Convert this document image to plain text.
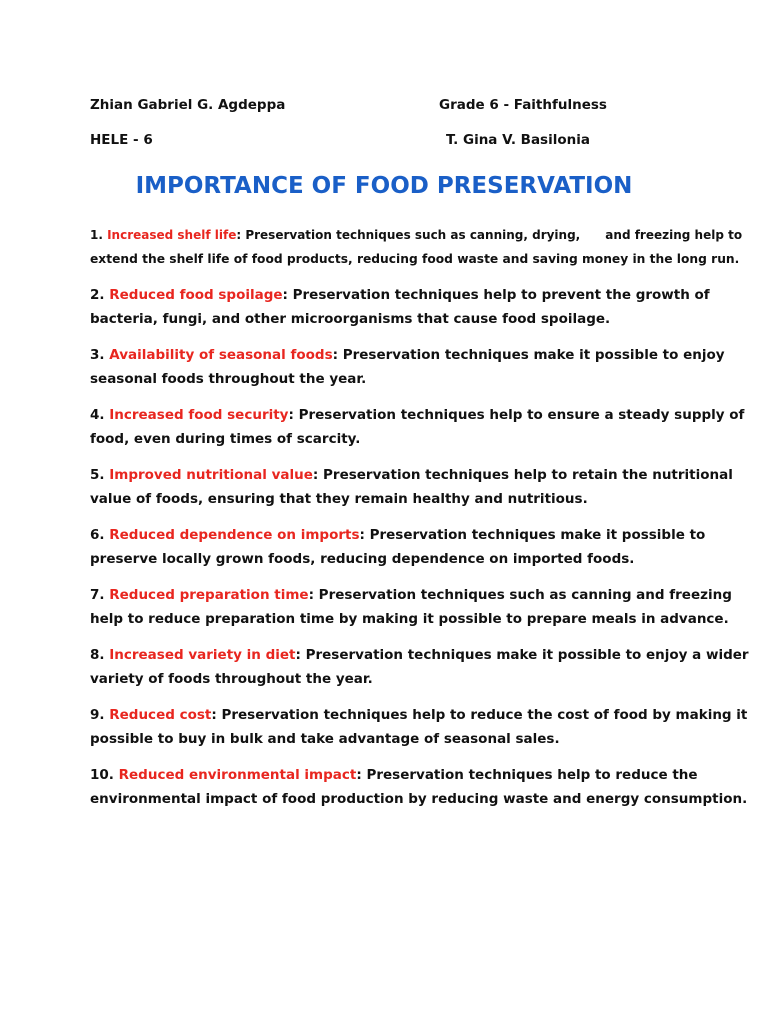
Zhian Gabriel G. Agdeppa	Grade 6 - Faithfulness
HELE - 6	T. Gina V. Basilonia
IMPORTANCE OF FOOD PRESERVATION
1. Increased shelf life: Preservation techniques such as canning, drying,      and freezing help to
extend the shelf life of food products, reducing food waste and saving money in the long run.
2. Reduced food spoilage: Preservation techniques help to prevent the growth of
bacteria, fungi, and other microorganisms that cause food spoilage.
3. Availability of seasonal foods: Preservation techniques make it possible to enjoy
seasonal foods throughout the year.
4. Increased food security: Preservation techniques help to ensure a steady supply of
food, even during times of scarcity.
5. Improved nutritional value: Preservation techniques help to retain the nutritional
value of foods, ensuring that they remain healthy and nutritious.
6. Reduced dependence on imports: Preservation techniques make it possible to
preserve locally grown foods, reducing dependence on imported foods.
7. Reduced preparation time: Preservation techniques such as canning and freezing
help to reduce preparation time by making it possible to prepare meals in advance.
8. Increased variety in diet: Preservation techniques make it possible to enjoy a wider
variety of foods throughout the year.
9. Reduced cost: Preservation techniques help to reduce the cost of food by making it
possible to buy in bulk and take advantage of seasonal sales.
10. Reduced environmental impact: Preservation techniques help to reduce the
environmental impact of food production by reducing waste and energy consumption.
